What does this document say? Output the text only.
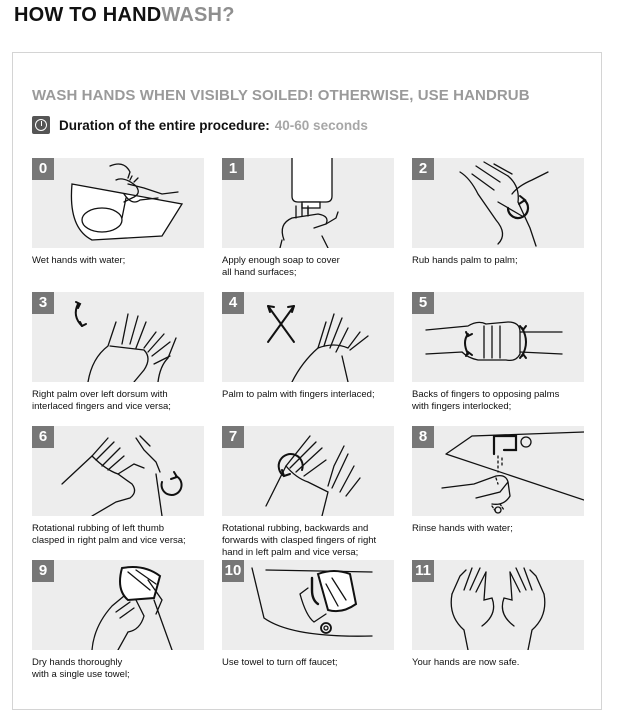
HOW TO HANDWASH?
WASH HANDS WHEN VISIBLY SOILED! OTHERWISE, USE HANDRUB
Duration of the entire procedure: 40-60 seconds
0
Wet hands with water;
1
Apply enough soap to cover
all hand surfaces;
2
Rub hands palm to palm;
3
Right palm over left dorsum with
interlaced fingers and vice versa;
4
Palm to palm with fingers interlaced;
5
Backs of fingers to opposing palms
with fingers interlocked;
6
Rotational rubbing of left thumb
clasped in right palm and vice versa;
7
Rotational rubbing, backwards and
forwards with clasped fingers of right
hand in left palm and vice versa;
8
Rinse hands with water;
9
Dry hands thoroughly
with a single use towel;
10
Use towel to turn off faucet;
11
Your hands are now safe.
